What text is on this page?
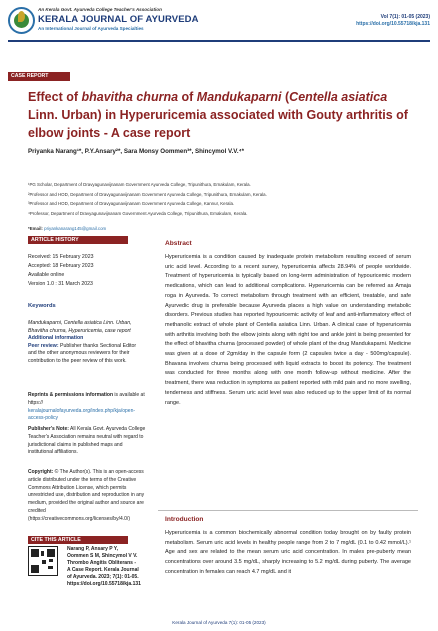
An Kerala Govt. Ayurveda College Teacher's Association
KERALA JOURNAL OF AYURVEDA
An International Journal of Ayurveda Specialties
Vol 7(1): 01-05 (2023)
https://doi.org/10.55718/kja.131
CASE REPORT
Effect of bhavitha churna of Mandukaparni (Centella asiatica Linn. Urban) in Hyperuricemia associated with Gouty arthritis of elbow joints - A case report
Priyanka Narang¹*, P.Y.Ansary²*, Sara Monsy Oommen³*, Shincymol V.V.⁴*
¹PG Scholar, Department of Dravyagunavijnanam Government Ayurveda College, Tripunithura, Ernakulam, Kerala.
²Professor and HOD, Department of Dravyagunavijnanam Government Ayurveda College, Tripunithura, Ernakulam, Kerala.
³Professor and HOD, Department of Dravyagunavijnanam Government Ayurveda College, Kannur, Kerala.
⁴Professor, Department of Dravyagunavijnanam Government Ayurveda College, Tripunithura, Ernakulam, Kerala.
*Email: priyankanarang145@gmail.com
ARTICLE HISTORY
Received: 15 February 2023
Accepted: 18 February 2023
Available online
Version 1.0 : 31 March 2023
Keywords
Mandukaparni, Centella asiatica Linn. Urban, Bhavitha churna, Hyperuricemia, case report
Additional information
Peer review: Publisher thanks Sectional Editor and the other anonymous reviewers for their contribution to the peer review of this work.
Reprints & permissions information is available at https://
keralajournalofayurveda.org/index.php/kja/open-access-policy
Publisher's Note: All Kerala Govt. Ayurveda College Teacher's Association remains neutral with regard to jurisdictional claims in published maps and institutional affiliations.
Copyright: © The Author(s). This is an open-access article distributed under the terms of the Creative Commons Attribution License, which permits unrestricted use, distribution and reproduction in any medium, provided the original author and source are credited (https://creativecommons.org/licenses/by/4.0/)
CITE THIS ARTICLE
Narang P, Ansary P Y, Oommen S M, Shincymol V V. Thrombo Angitis Obliterans - A Case Report. Kerala Journal of Ayurveda. 2023; 7(1): 01-05. https://doi.org/10.55718/kja.131
Abstract
Hyperuricemia is a condition caused by inadequate protein metabolism resulting exceed of serum uric acid level. According to a recent survey, hyperuricemia affects 28.94% of people worldwide. Treatment of hyperuricemia is typically based on long-term administration of hypouricemic modern medications, which can lead to additional complications. Hyperuricemia can be referred as Amaja roga in Ayurveda. To correct metabolism through treatment with an efficient, treatable, and safe Ayurvedic drug is preferable because Ayurveda places a high value on understanding metabolic disorders. Previous studies has reported hypouricemic activity of leaf and anti-inflammatory effect of methanolic extract of whole plant of Centella asiatica Linn. Urban. A clinical case of hyperuricemia with arthritis involving both the elbow joints along with right toe and ankle joint is being presented for the effect of bhavitha churna (processed powder) of whole plant of the drug Mandukaparni. Medicine was given at a dose of 2gm/day in the capsule form (2 capsules twice a day - 500mg/capsule). Bhavana involves churna being processed with liquid extracts to boost its potency. The treatment was conducted for three months along with one month follow-up without medicine. After the treatment, there was reduction in symptoms as patient reported with mild pain and no more swelling, tenderness and stiffness. Serum uric acid level was also reduced up to the upper limit of its normal range.
Introduction
Hyperuricemia is a common biochemically abnormal condition today brought on by faulty protein metabolism. Serum uric acid levels in healthy people range from 2 to 7 mg/dL (0.1 to 0.42 mmol/L).¹ Age and sex are related to the mean serum uric acid concentration. In males pre-puberty mean concentrations over around 3.5 mg/dL, sharply increasing to 5.2 mg/dL during puberty. The average concentration in females can reach 4.7 mg/dL and it
Kerala Journal of Ayurveda 7(1): 01-05 (2023)
